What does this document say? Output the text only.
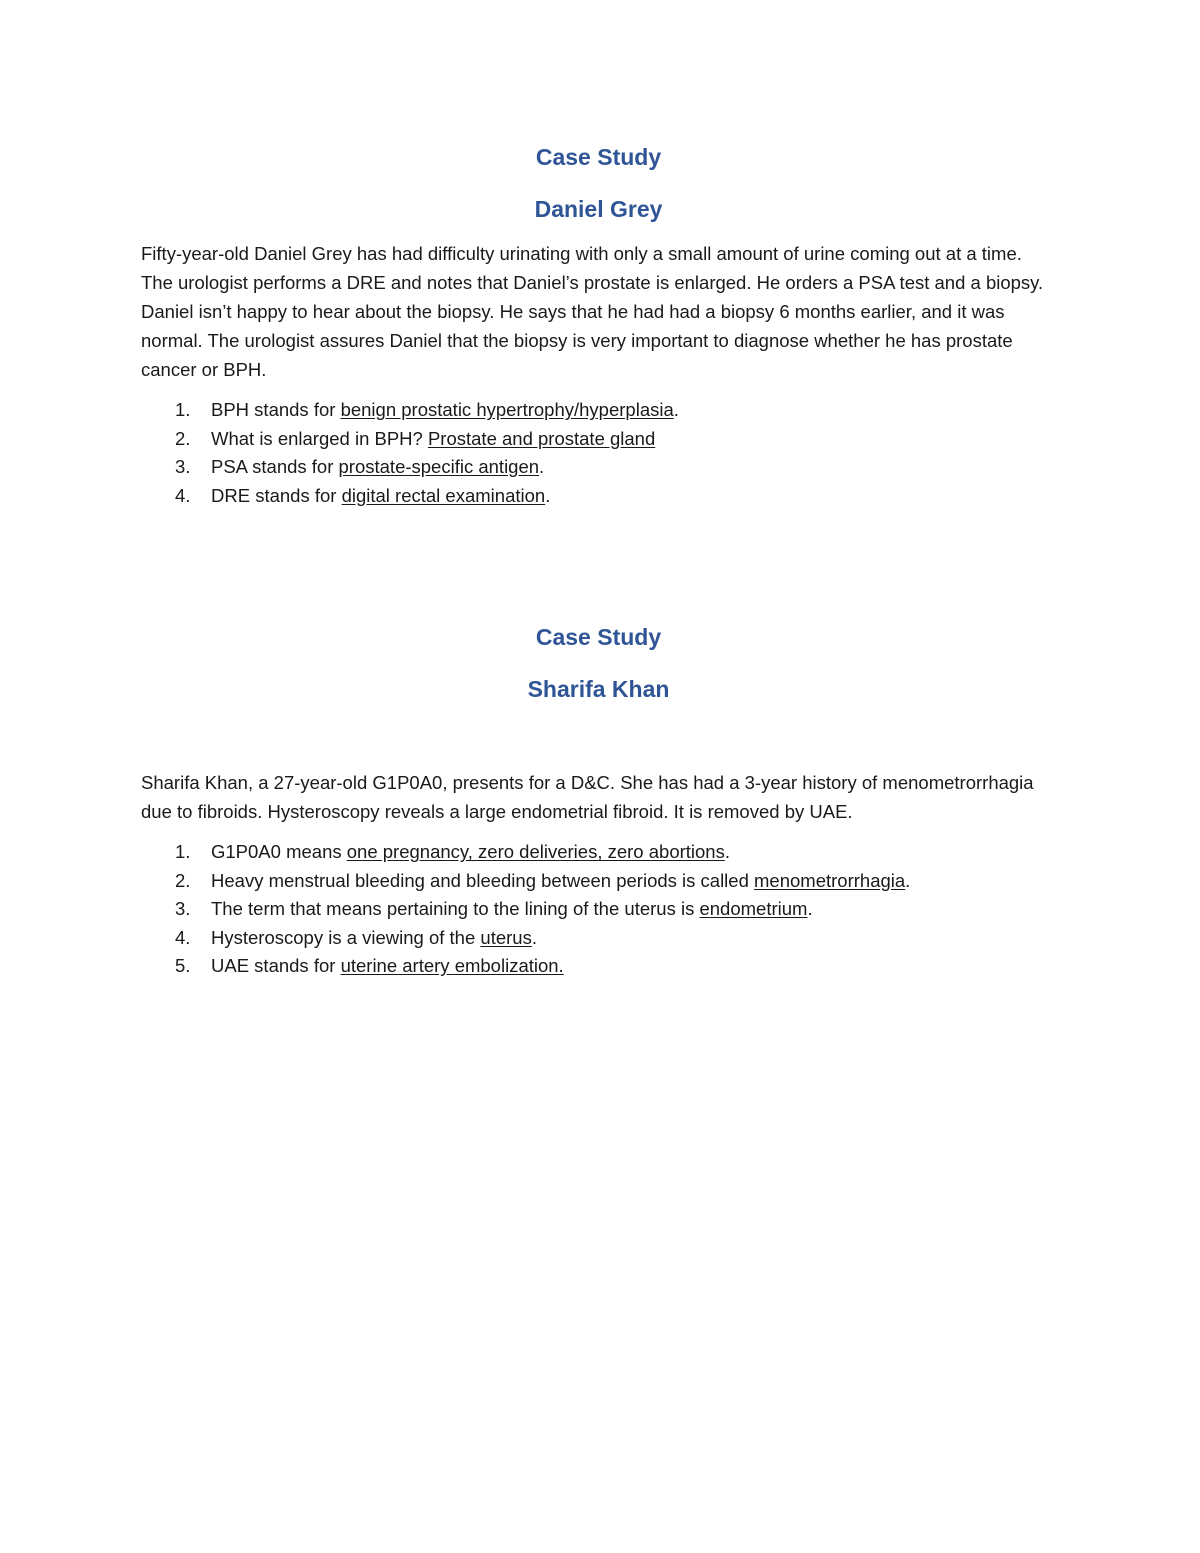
Case Study
Daniel Grey

Fifty-year-old Daniel Grey has had difficulty urinating with only a small amount of urine coming out at a time. The urologist performs a DRE and notes that Daniel’s prostate is enlarged. He orders a PSA test and a biopsy. Daniel isn’t happy to hear about the biopsy. He says that he had had a biopsy 6 months earlier, and it was normal. The urologist assures Daniel that the biopsy is very important to diagnose whether he has prostate cancer or BPH.

1. BPH stands for benign prostatic hypertrophy/hyperplasia.
2. What is enlarged in BPH? Prostate and prostate gland
3. PSA stands for prostate-specific antigen.
4. DRE stands for digital rectal examination.
Case Study
Sharifa Khan

Sharifa Khan, a 27-year-old G1P0A0, presents for a D&C. She has had a 3-year history of menometrorrhagia due to fibroids. Hysteroscopy reveals a large endometrial fibroid. It is removed by UAE.

1. G1P0A0 means one pregnancy, zero deliveries, zero abortions.
2. Heavy menstrual bleeding and bleeding between periods is called menometrorrhagia.
3. The term that means pertaining to the lining of the uterus is endometrium.
4. Hysteroscopy is a viewing of the uterus.
5. UAE stands for uterine artery embolization.
